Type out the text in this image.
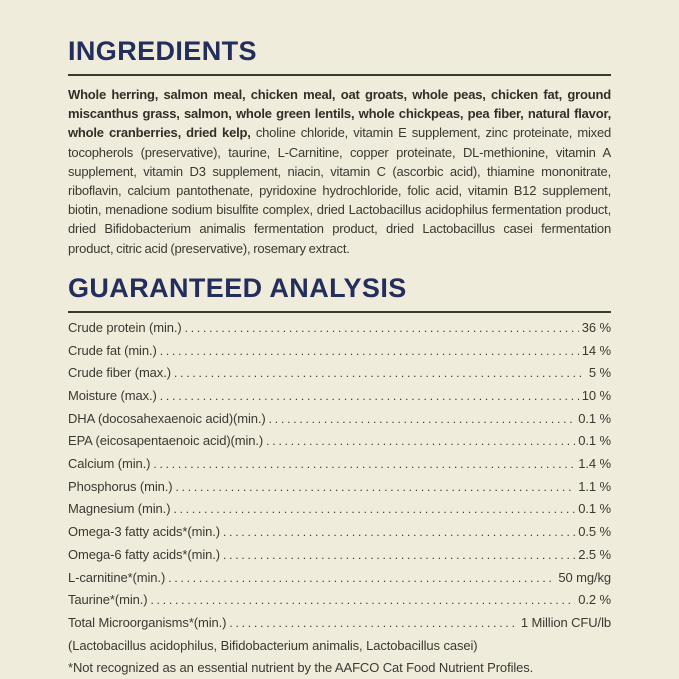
INGREDIENTS

Whole herring, salmon meal, chicken meal, oat groats, whole peas, chicken fat, ground miscanthus grass, salmon, whole green lentils, whole chickpeas, pea fiber, natural flavor, whole cranberries, dried kelp, choline chloride, vitamin E supplement, zinc proteinate, mixed tocopherols (preservative), taurine, L-Carnitine, copper proteinate, DL-methionine, vitamin A supplement, vitamin D3 supplement, niacin, vitamin C (ascorbic acid), thiamine mononitrate, riboflavin, calcium pantothenate, pyridoxine hydrochloride, folic acid, vitamin B12 supplement, biotin, menadione sodium bisulfite complex, dried Lactobacillus acidophilus fermentation product, dried Bifidobacterium animalis fermentation product, dried Lactobacillus casei fermentation product, citric acid (preservative), rosemary extract.

GUARANTEED ANALYSIS
Crude protein (min.) .....	36 %
Crude fat (min.) .....	14 %
Crude fiber (max.) .....	5 %
Moisture (max.) .....	10 %
DHA (docosahexaenoic acid)(min.) .....	0.1 %
EPA (eicosapentaenoic acid)(min.) .....	0.1 %
Calcium (min.) .....	1.4 %
Phosphorus (min.) .....	1.1 %
Magnesium (min.) .....	0.1 %
Omega-3 fatty acids*(min.) .....	0.5 %
Omega-6 fatty acids*(min.) .....	2.5 %
L-carnitine*(min.) .....	50 mg/kg
Taurine*(min.) .....	0.2 %
Total Microorganisms*(min.) .....	1 Million CFU/lb

(Lactobacillus acidophilus, Bifidobacterium animalis, Lactobacillus casei)

*Not recognized as an essential nutrient by the AAFCO Cat Food Nutrient Profiles.
